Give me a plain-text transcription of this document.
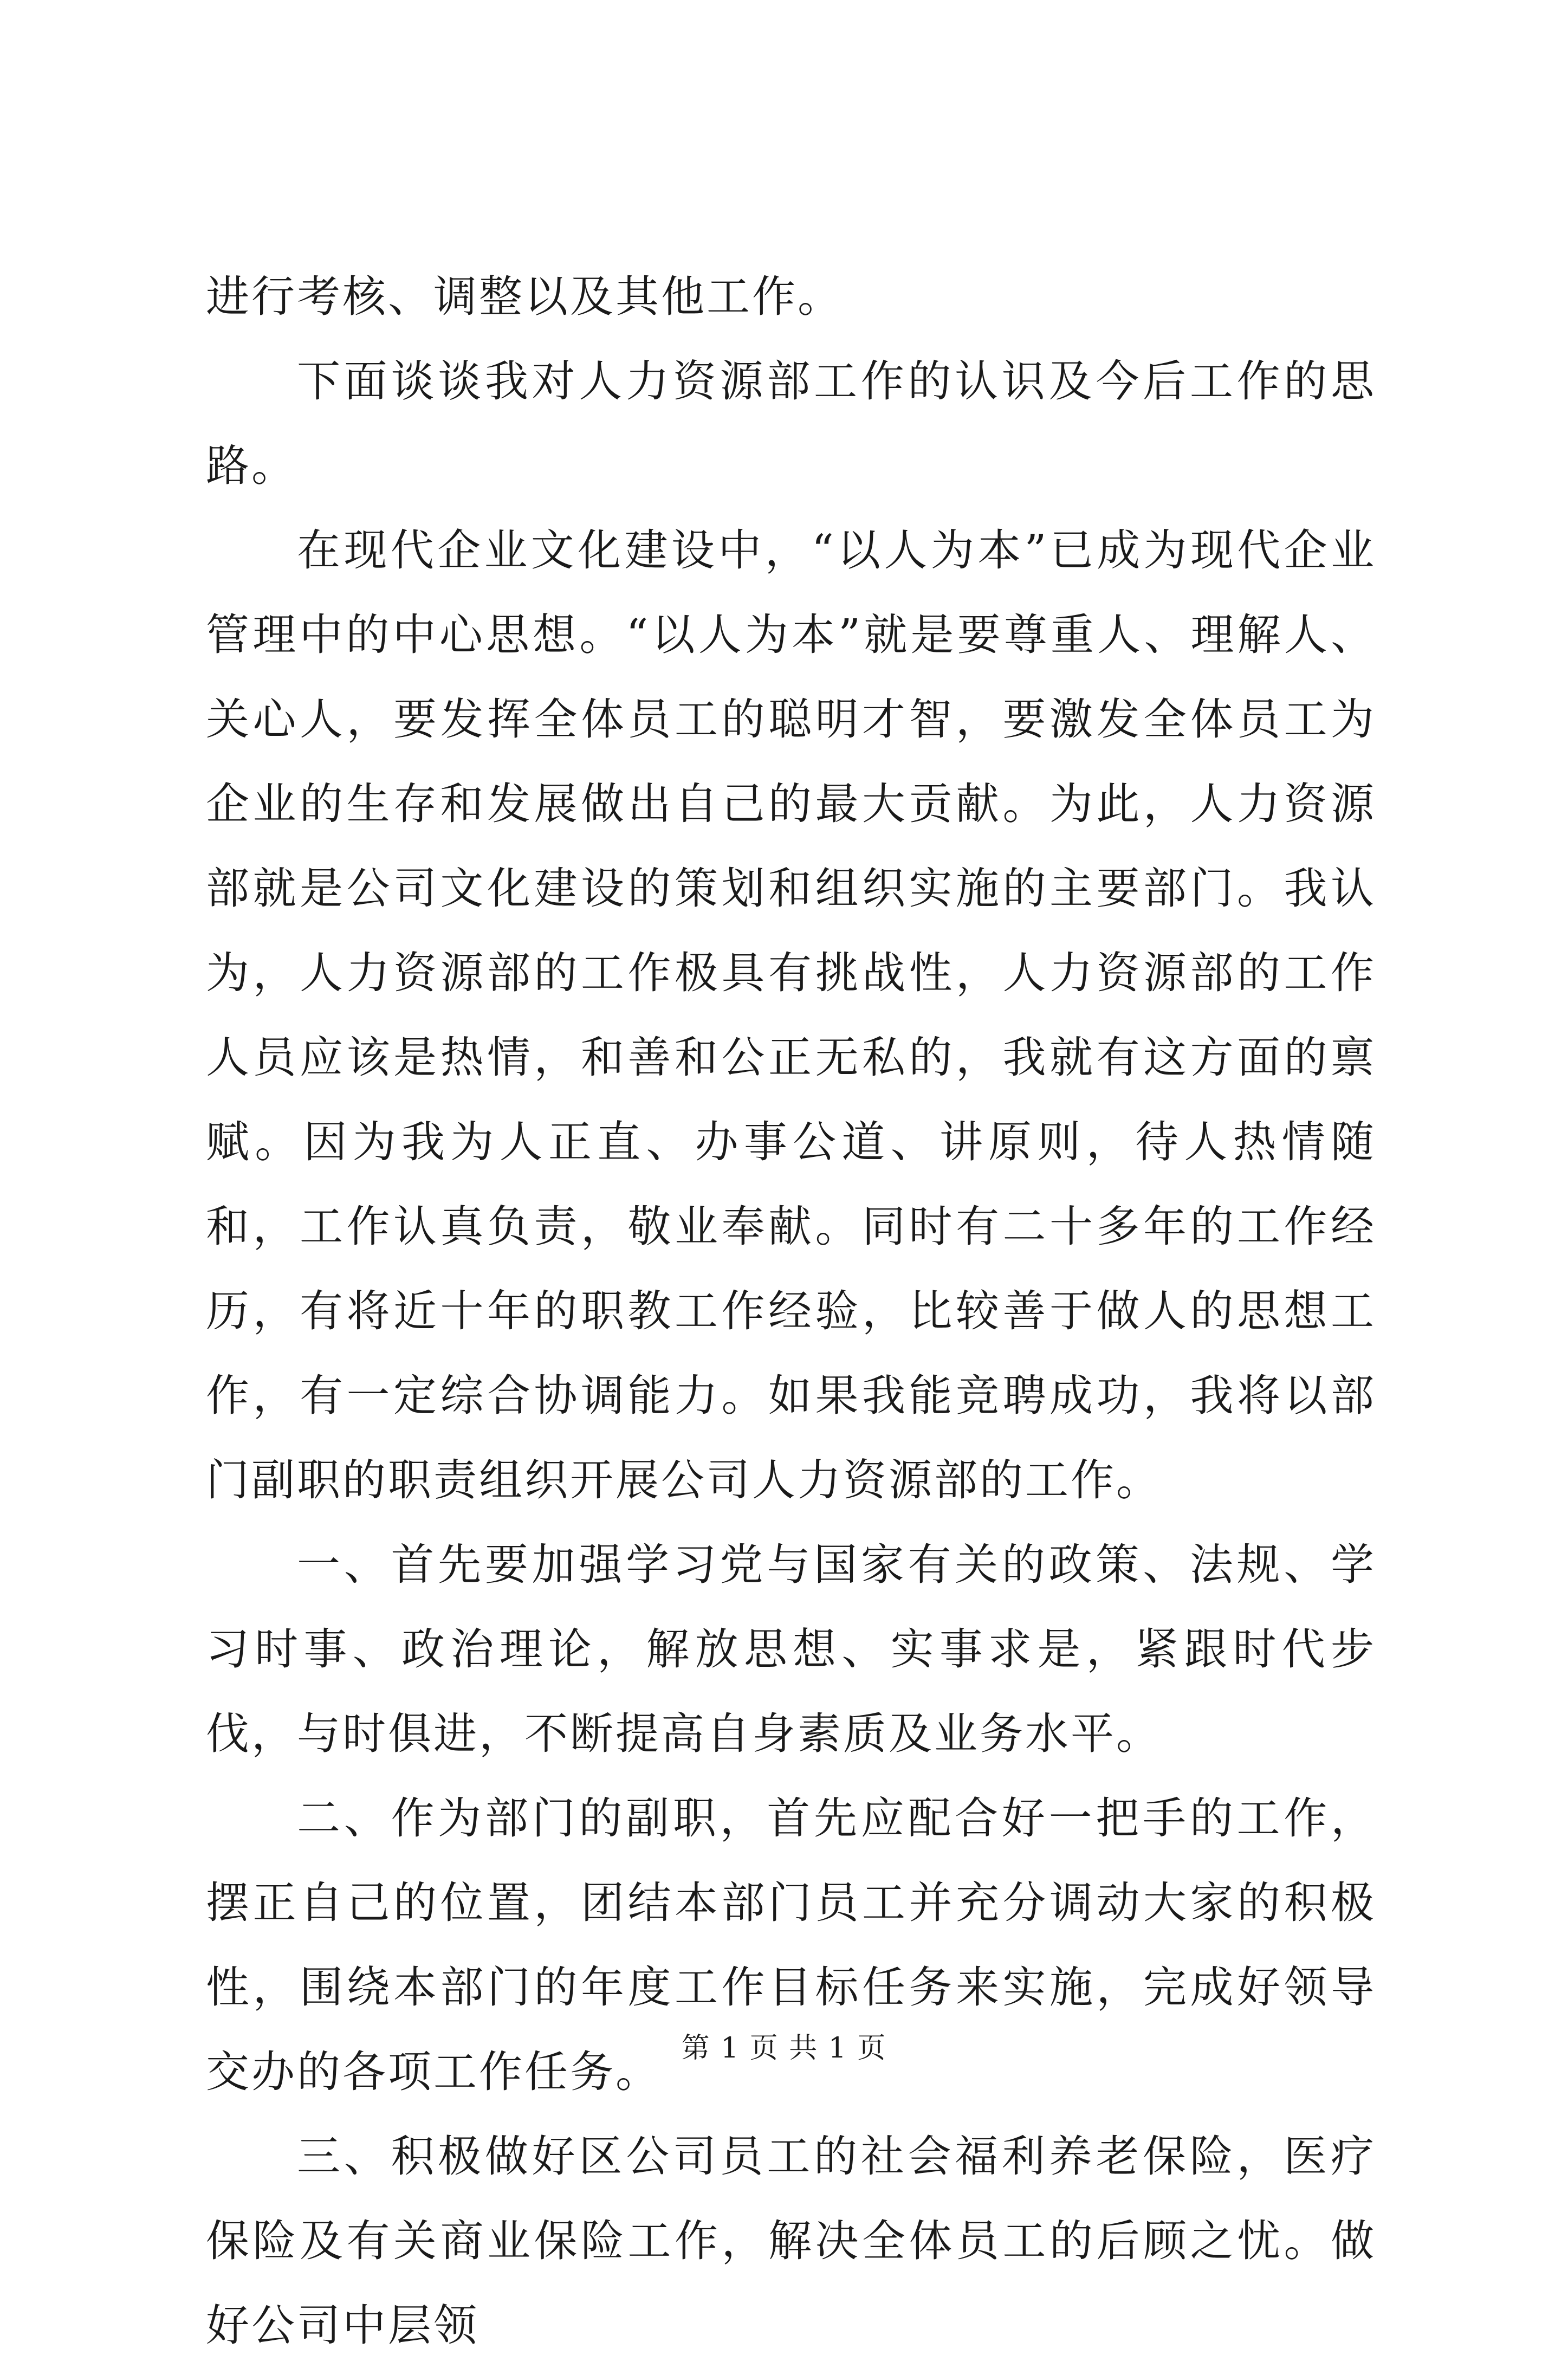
进行考核、调整以及其他工作。

下面谈谈我对人力资源部工作的认识及今后工作的思路。

在现代企业文化建设中，“以人为本”已成为现代企业管理中的中心思想。“以人为本”就是要尊重人、理解人、关心人，要发挥全体员工的聪明才智，要激发全体员工为企业的生存和发展做出自己的最大贡献。为此，人力资源部就是公司文化建设的策划和组织实施的主要部门。我认为，人力资源部的工作极具有挑战性，人力资源部的工作人员应该是热情，和善和公正无私的，我就有这方面的禀赋。因为我为人正直、办事公道、讲原则，待人热情随和，工作认真负责，敬业奉献。同时有二十多年的工作经历，有将近十年的职教工作经验，比较善于做人的思想工作，有一定综合协调能力。如果我能竞聘成功，我将以部门副职的职责组织开展公司人力资源部的工作。

一、首先要加强学习党与国家有关的政策、法规、学习时事、政治理论，解放思想、实事求是，紧跟时代步伐，与时俱进，不断提高自身素质及业务水平。

二、作为部门的副职，首先应配合好一把手的工作，摆正自己的位置，团结本部门员工并充分调动大家的积极性，围绕本部门的年度工作目标任务来实施，完成好领导交办的各项工作任务。

三、积极做好区公司员工的社会福利养老保险，医疗保险及有关商业保险工作，解决全体员工的后顾之忧。做好公司中层领

第 1 页 共 1 页
